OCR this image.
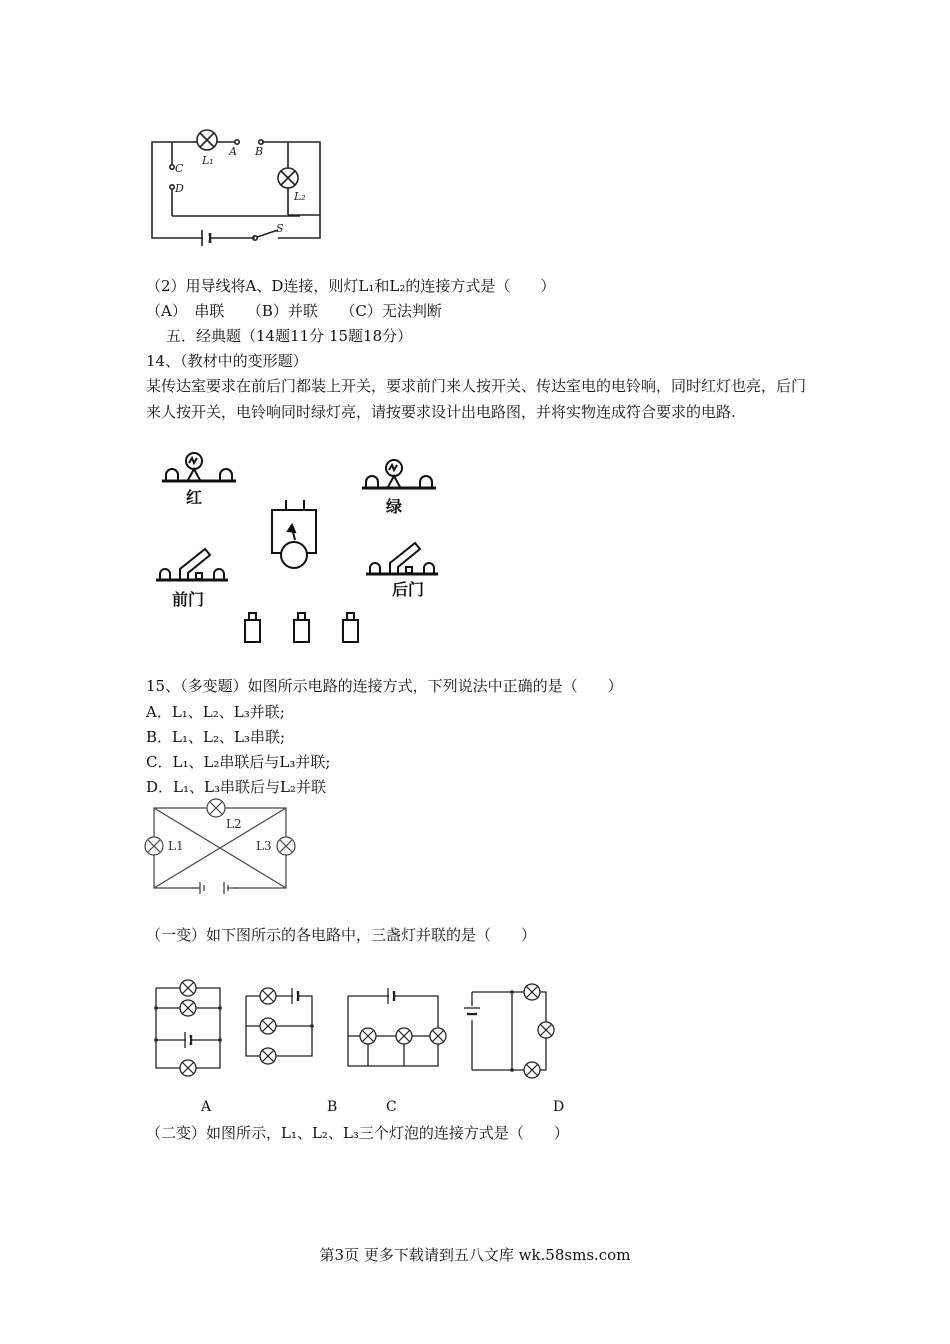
L₁
A B
C
D
L₂
S
（2）用导线将A、D连接，则灯L₁和L₂的连接方式是（　　）
（A）　串联　　（B）并联　　（C）无法判断
五．经典题（14题11分 15题18分）
14、（教材中的变形题）
某传达室要求在前后门都装上开关，要求前门来人按开关、传达室电的电铃响，同时红灯也亮，后门来人按开关，电铃响同时绿灯亮，请按要求设计出电路图，并将实物连成符合要求的电路.
红	绿
前门
后门
15、（多变题）如图所示电路的连接方式，下列说法中正确的是（　　）
A．L₁、L₂、L₃并联;
B．L₁、L₂、L₃串联;
C．L₁、L₂串联后与L₃并联;
D．L₁、L₃串联后与L₂并联
L2
L1	L3
（一变）如下图所示的各电路中，三盏灯并联的是（　　）
A	B	C	D
（二变）如图所示，L₁、L₂、L₃三个灯泡的连接方式是（　　）
第3页 更多下载请到五八文库 wk.58sms.com
